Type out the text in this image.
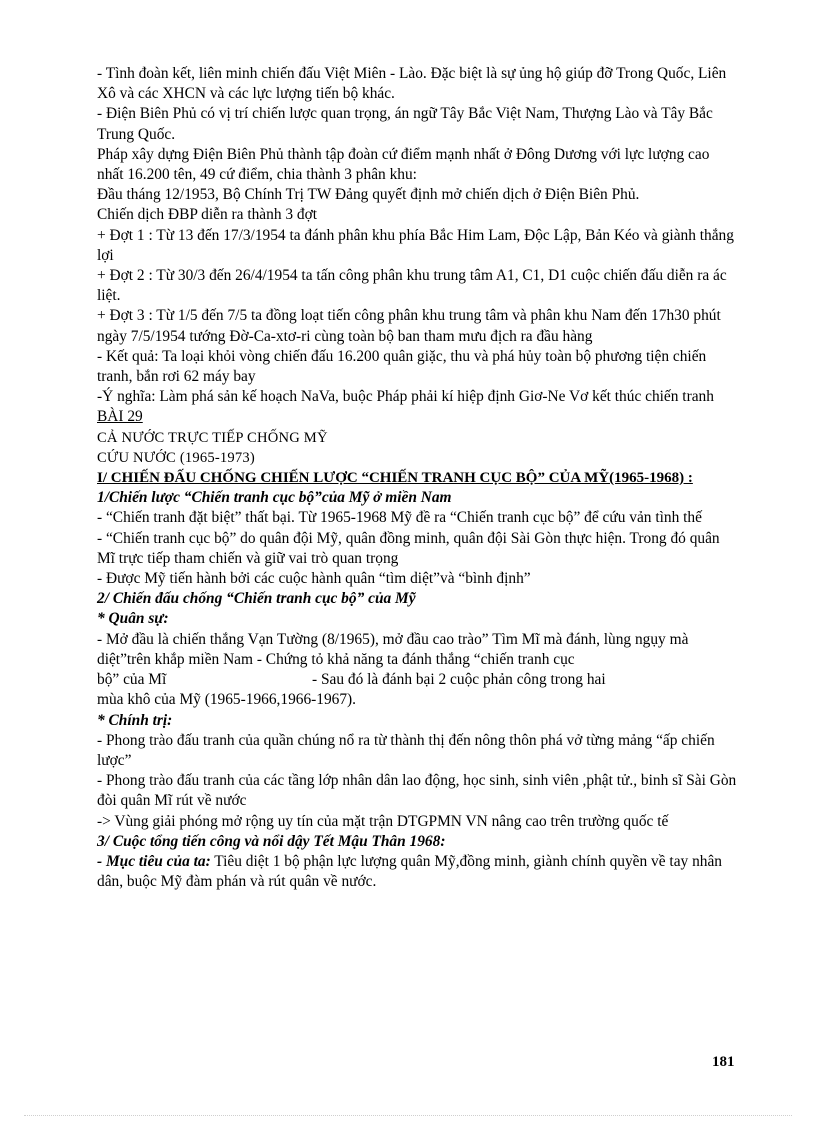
- Tình đoàn kết, liên minh chiến đấu Việt Miên - Lào. Đặc biệt là sự ủng hộ giúp đỡ Trong Quốc, Liên Xô và các XHCN và các lực lượng tiến bộ khác.

- Điện Biên Phủ có vị trí chiến lược quan trọng, án ngữ Tây Bắc Việt Nam, Thượng Lào và Tây Bắc Trung Quốc.

Pháp xây dựng Điện Biên Phủ thành tập đoàn cứ điểm mạnh nhất ở Đông Dương với lực lượng cao nhất 16.200 tên, 49 cứ điểm, chia thành 3 phân khu:

Đầu tháng 12/1953, Bộ Chính Trị TW Đảng quyết định mở chiến dịch ở Điện Biên Phủ.

Chiến dịch ĐBP diễn ra thành 3 đợt

+ Đợt 1 : Từ 13 đến 17/3/1954 ta đánh phân khu phía Bắc Him Lam, Độc Lập, Bản Kéo và giành thắng lợi

+ Đợt 2 : Từ 30/3 đến 26/4/1954 ta tấn công phân khu trung tâm A1, C1, D1 cuộc chiến đấu diễn ra ác liệt.

+ Đợt 3 : Từ 1/5 đến 7/5 ta đồng loạt tiến công phân khu trung tâm và phân khu Nam đến 17h30 phút ngày 7/5/1954 tướng Đờ-Ca-xtơ-ri cùng toàn bộ ban tham mưu địch ra đầu hàng

- Kết quả: Ta loại khỏi vòng chiến đấu 16.200 quân giặc, thu và phá hủy toàn bộ phương tiện chiến tranh, bắn rơi 62 máy bay

-Ý nghĩa: Làm phá sản kế hoạch NaVa, buộc Pháp phải kí hiệp định Giơ-Ne Vơ kết thúc chiến tranh

BÀI 29

CẢ NƯỚC TRỰC TIẾP CHỐNG MỸ

CỨU NƯỚC (1965-1973)

I/ CHIẾN ĐẤU CHỐNG CHIẾN LƯỢC “CHIẾN TRANH CỤC BỘ” CỦA MỸ(1965-1968) :

1/Chiến lược “Chiến tranh cục bộ”của Mỹ ở miền Nam

- “Chiến tranh đặt biệt” thất bại. Từ 1965-1968 Mỹ đề ra “Chiến tranh cục bộ” để cứu vản tình thế

- “Chiến tranh cục bộ” do quân đội Mỹ, quân đồng minh, quân đội Sài Gòn thực hiện. Trong đó quân Mĩ trực tiếp tham chiến và giữ vai trò quan trọng

- Được Mỹ tiến hành bởi các cuộc hành quân “tìm diệt”và “bình định”

2/ Chiến đấu chống “Chiến tranh cục bộ” của Mỹ

* Quân sự:

- Mở đầu là chiến thắng Vạn Tường (8/1965), mở đầu cao trào” Tìm Mĩ mà đánh, lùng ngụy mà diệt”trên khắp miền Nam - Chứng tỏ khả năng ta đánh thắng “chiến tranh cục

bộ” của Mĩ	- Sau đó là đánh bại 2 cuộc phản công trong hai

mùa khô của Mỹ (1965-1966,1966-1967).

* Chính trị:

- Phong trào đấu tranh của quần chúng nổ ra từ thành thị đến nông thôn phá vở từng mảng “ấp chiến lược”

- Phong trào đấu tranh của các tầng lớp nhân dân lao động, học sinh, sinh viên ,phật tử., binh sĩ Sài Gòn đòi quân Mĩ rút về nước

-> Vùng giải phóng mở rộng uy tín của mặt trận DTGPMN VN nâng cao trên trường quốc tế

3/ Cuộc tổng tiến công và nổi dậy Tết Mậu Thân 1968:

- Mục tiêu của ta: Tiêu diệt 1 bộ phận lực lượng quân Mỹ,đồng minh, giành chính quyền về tay nhân dân, buộc Mỹ đàm phán và rút quân về nước.

181
